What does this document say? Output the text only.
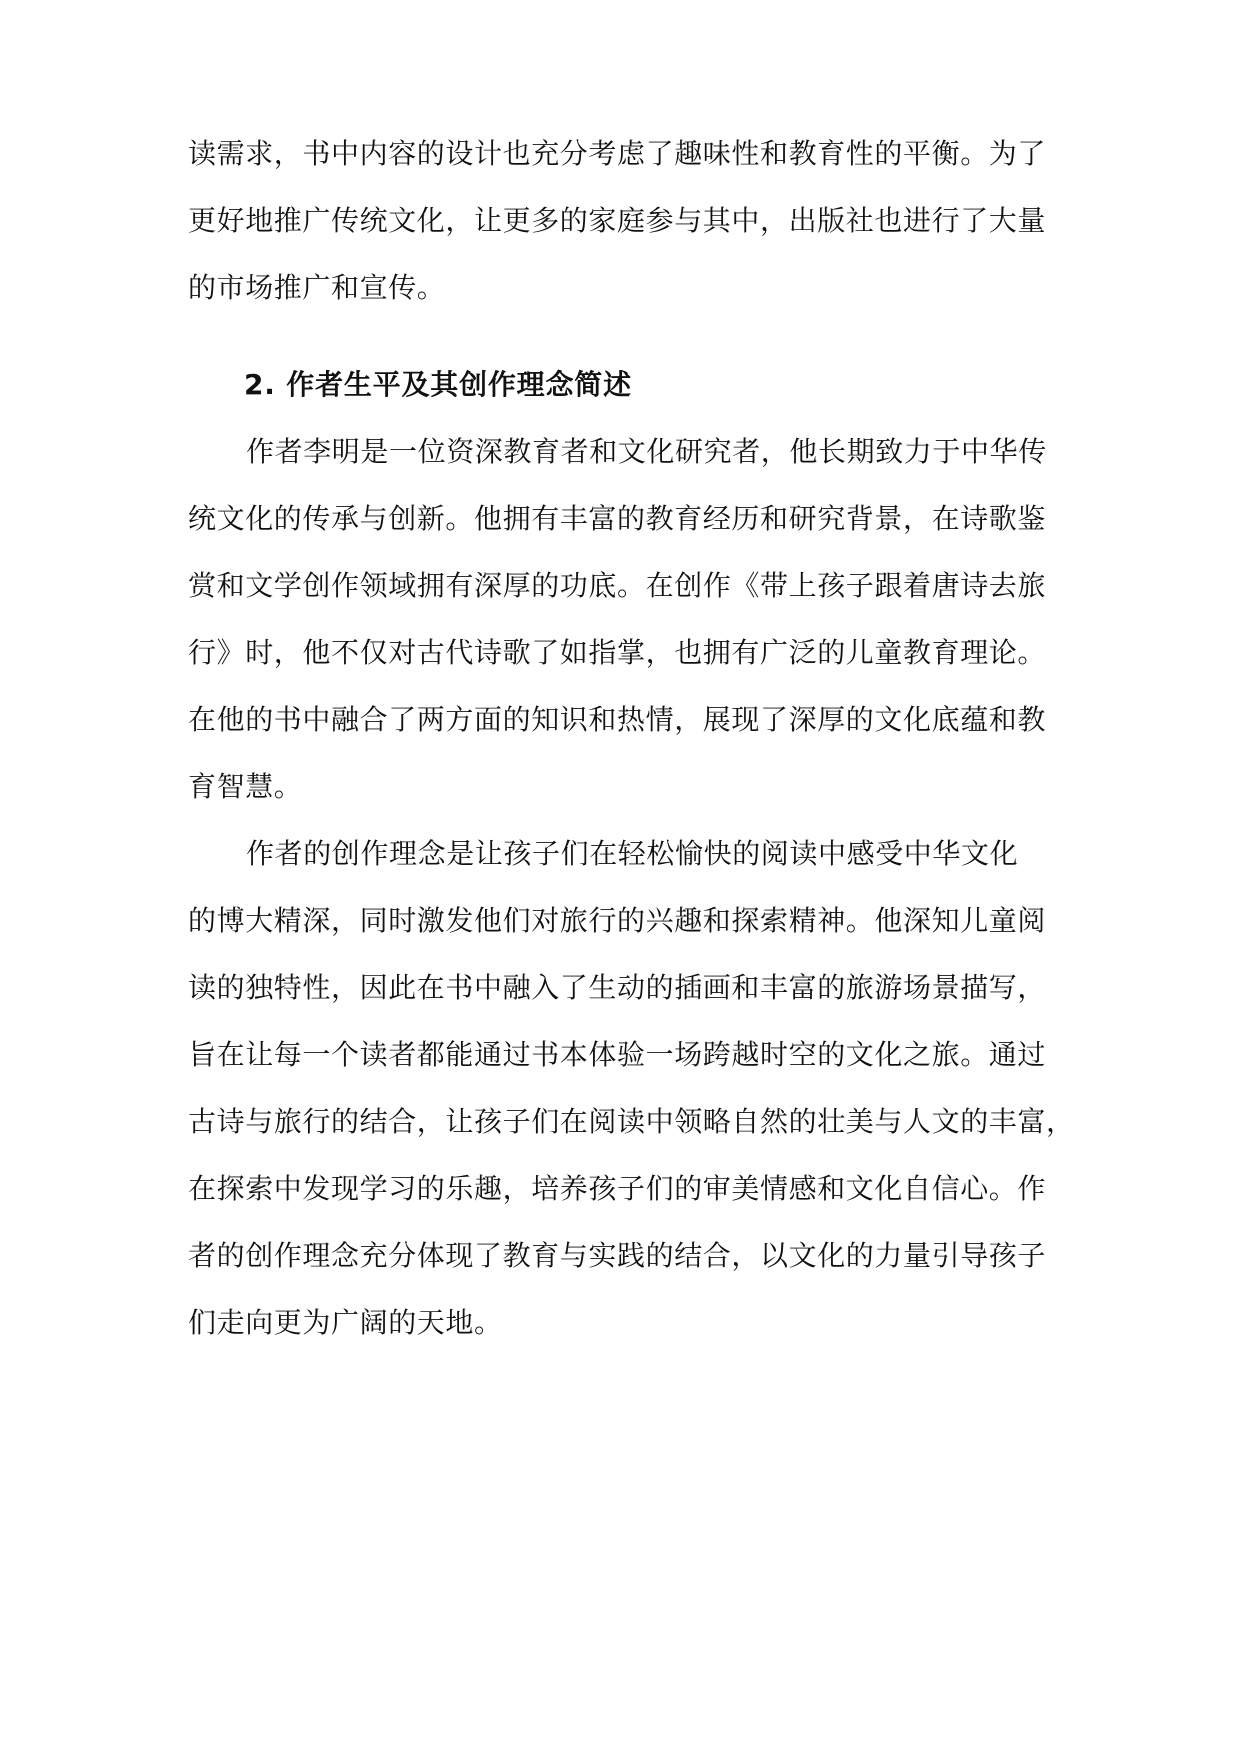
读需求，书中内容的设计也充分考虑了趣味性和教育性的平衡。为了
更好地推广传统文化，让更多的家庭参与其中，出版社也进行了大量
的市场推广和宣传。
2. 作者生平及其创作理念简述
作者李明是一位资深教育者和文化研究者，他长期致力于中华传
统文化的传承与创新。他拥有丰富的教育经历和研究背景，在诗歌鉴
赏和文学创作领域拥有深厚的功底。在创作《带上孩子跟着唐诗去旅
行》时，他不仅对古代诗歌了如指掌，也拥有广泛的儿童教育理论。
在他的书中融合了两方面的知识和热情，展现了深厚的文化底蕴和教
育智慧。
作者的创作理念是让孩子们在轻松愉快的阅读中感受中华文化
的博大精深，同时激发他们对旅行的兴趣和探索精神。他深知儿童阅
读的独特性，因此在书中融入了生动的插画和丰富的旅游场景描写，
旨在让每一个读者都能通过书本体验一场跨越时空的文化之旅。通过
古诗与旅行的结合，让孩子们在阅读中领略自然的壮美与人文的丰富，
在探索中发现学习的乐趣，培养孩子们的审美情感和文化自信心。作
者的创作理念充分体现了教育与实践的结合，以文化的力量引导孩子
们走向更为广阔的天地。
